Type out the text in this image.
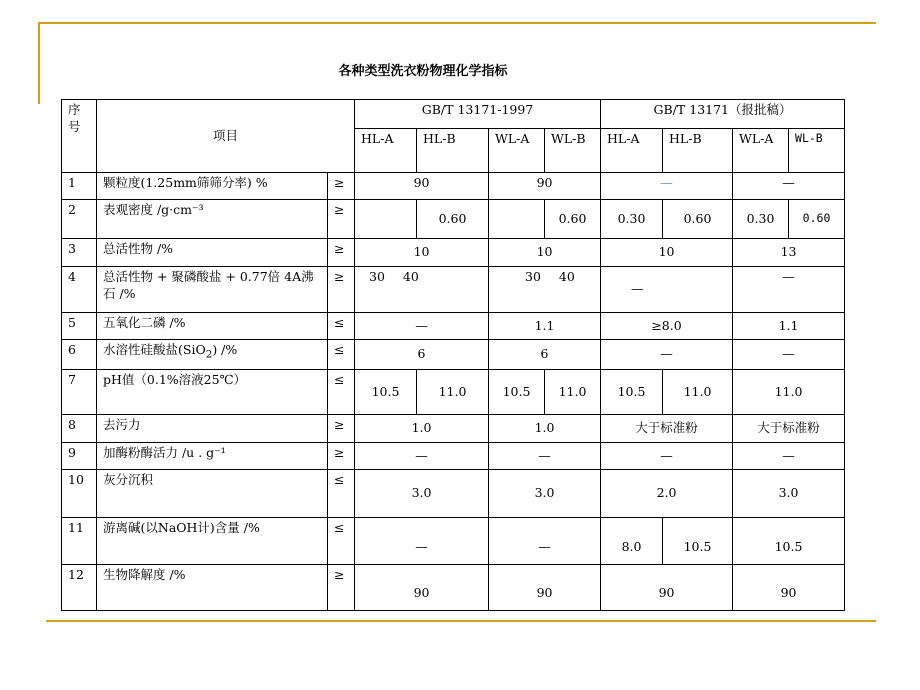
各种类型洗衣粉物理化学指标
序号	项目		GB/T 13171-1997				GB/T 13171（报批稿）			
			HL-A	HL-B	WL-A	WL-B	HL-A	HL-B	WL-A	WL-B
1	颗粒度(1.25mm筛筛分率) %	≥	90		90		—		—	
2	表观密度 /g·cm⁻³	≥		0.60		0.60	0.30	0.60	0.30	0.60
3	总活性物 /%	≥	10		10		10		13	
4	总活性物 + 聚磷酸盐 + 0.77倍 4A沸石 /%	≥	30 40		30 40		—		—	
5	五氧化二磷 /%	≤	—		1.1		≥8.0		1.1	
6	水溶性硅酸盐(SiO$_2$) /%	≤	6		6		—		—	
7	pH值（0.1%溶液25℃）	≤	10.5	11.0	10.5	11.0	10.5	11.0	11.0	
8	去污力	≥	1.0		1.0		大于标准粉		大于标准粉	
9	加酶粉酶活力 /u . g⁻¹	≥	—		—		—		—	
10	灰分沉积	≤	3.0		3.0		2.0		3.0	
11	游离碱(以NaOH计)含量 /%	≤	—		—		8.0	10.5	10.5	
12	生物降解度 /%	≥	90		90		90		90	
